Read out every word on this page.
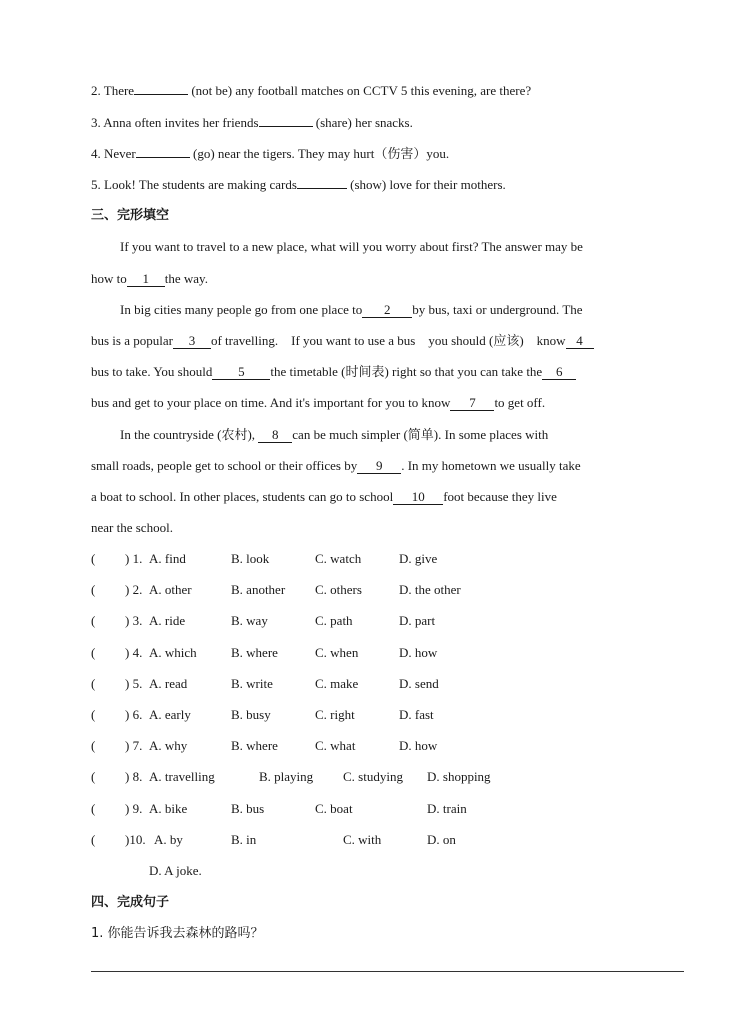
2. There	(not be) any football matches on CCTV 5 this evening, are there?
3. Anna often invites her friends	(share) her snacks.
4. Never	(go) near the tigers. They may hurt（伤害）you.
5. Look! The students are making cards	(show) love for their mothers.
三、完形填空
If you want to travel to a new place, what will you worry about first? The answer may be
how to 1 the way.
In big cities many people go from one place to 2 by bus, taxi or underground. The
bus is a popular 3 of travelling.    If you want to use a bus    you should (应该)    know 4
bus to take. You should 5 the timetable (时间表) right so that you can take the 6
bus and get to your place on time. And it's important for you to know 7 to get off.
In the countryside (农村), 8 can be much simpler (简单). In some places with
small roads, people get to school or their offices by 9 . In my hometown we usually take
a boat to school. In other places, students can go to school 10 foot because they live
near the school.
( ) 1. A. find	B. look	C. watch	D. give
( ) 2. A. other	B. another C. others	D. the other
( ) 3. A. ride	B. way	C. path	D. part
( ) 4. A. which	B. where	C. when	D. how
( ) 5. A. read	B. write	C. make	D. send
( ) 6. A. early	B. busy	C. right	D. fast
( ) 7. A. why	B. where	C. what	D. how
( ) 8. A. travelling	B. playing C. studying D. shopping
( ) 9. A. bike	B. bus	C. boat	D. train
( )10. A. by	B. in	C. with	D. on
D. A joke.
四、完成句子
1. 你能告诉我去森林的路吗？
